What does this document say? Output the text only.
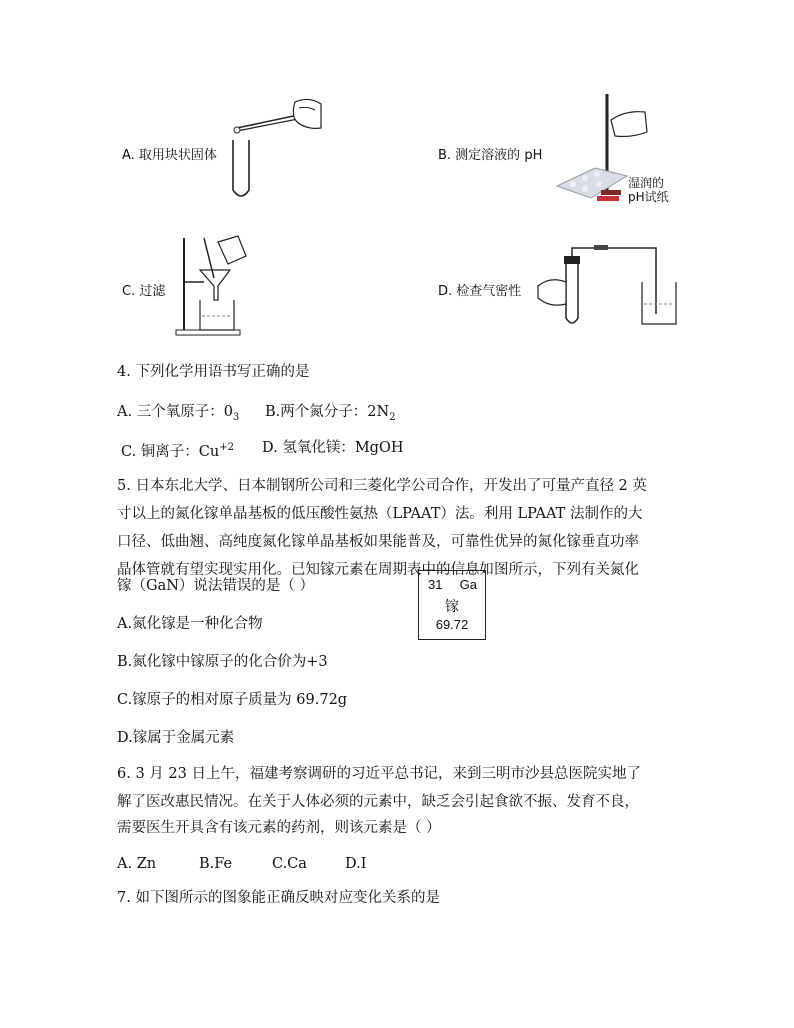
A. 取用块状固体	B. 测定溶液的 pH
湿润的
pH试纸
C. 过滤	D. 检查气密性
4. 下列化学用语书写正确的是
A. 三个氧原子：$0_3$ B.两个氮分子：$2N_2$
C. 铜离子：$Cu^{+2}$ D. 氢氧化镁：MgOH
5. 日本东北大学、日本制钢所公司和三菱化学公司合作，开发出了可量产直径 2 英
寸以上的氮化镓单晶基板的低压酸性氨热（LPAAT）法。利用 LPAAT 法制作的大
口径、低曲翘、高纯度氮化镓单晶基板如果能普及，可靠性优异的氮化镓垂直功率
晶体管就有望实现实用化。已知镓元素在周期表中的信息如图所示，下列有关氮化
镓（GaN）说法错误的是（ ）	31 Ga
镓
69.72
A.氮化镓是一种化合物
B.氮化镓中镓原子的化合价为+3
C.镓原子的相对原子质量为 69.72g
D.镓属于金属元素
6. 3 月 23 日上午，福建考察调研的习近平总书记，来到三明市沙县总医院实地了
解了医改惠民情况。在关于人体必须的元素中，缺乏会引起食欲不振、发育不良，
需要医生开具含有该元素的药剂，则该元素是（ ）
A. Zn	B.Fe	C.Ca	D.I
7. 如下图所示的图象能正确反映对应变化关系的是
